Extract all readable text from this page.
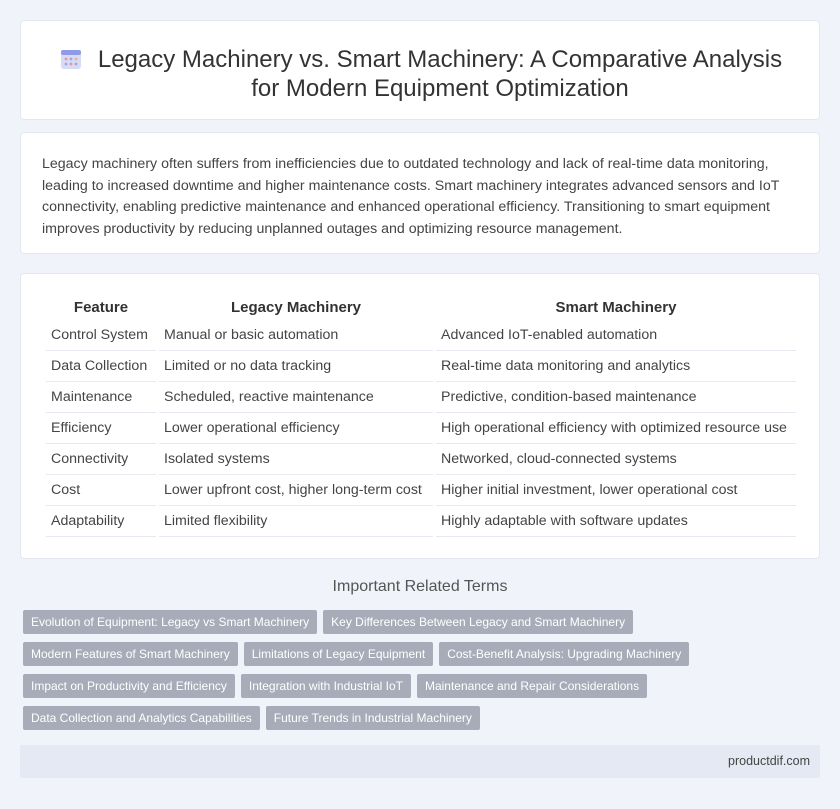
Legacy Machinery vs. Smart Machinery: A Comparative Analysis for Modern Equipment Optimization

Legacy machinery often suffers from inefficiencies due to outdated technology and lack of real-time data monitoring, leading to increased downtime and higher maintenance costs. Smart machinery integrates advanced sensors and IoT connectivity, enabling predictive maintenance and enhanced operational efficiency. Transitioning to smart equipment improves productivity by reducing unplanned outages and optimizing resource management.

Feature	Legacy Machinery	Smart Machinery
Control System	Manual or basic automation	Advanced IoT-enabled automation
Data Collection	Limited or no data tracking	Real-time data monitoring and analytics
Maintenance	Scheduled, reactive maintenance	Predictive, condition-based maintenance
Efficiency	Lower operational efficiency	High operational efficiency with optimized resource use
Connectivity	Isolated systems	Networked, cloud-connected systems
Cost	Lower upfront cost, higher long-term cost	Higher initial investment, lower operational cost
Adaptability	Limited flexibility	Highly adaptable with software updates
Important Related Terms
Evolution of Equipment: Legacy vs Smart Machinery	Key Differences Between Legacy and Smart Machinery
Modern Features of Smart Machinery	Limitations of Legacy Equipment	Cost-Benefit Analysis: Upgrading Machinery
Impact on Productivity and Efficiency	Integration with Industrial IoT	Maintenance and Repair Considerations
Data Collection and Analytics Capabilities	Future Trends in Industrial Machinery
productdif.com
